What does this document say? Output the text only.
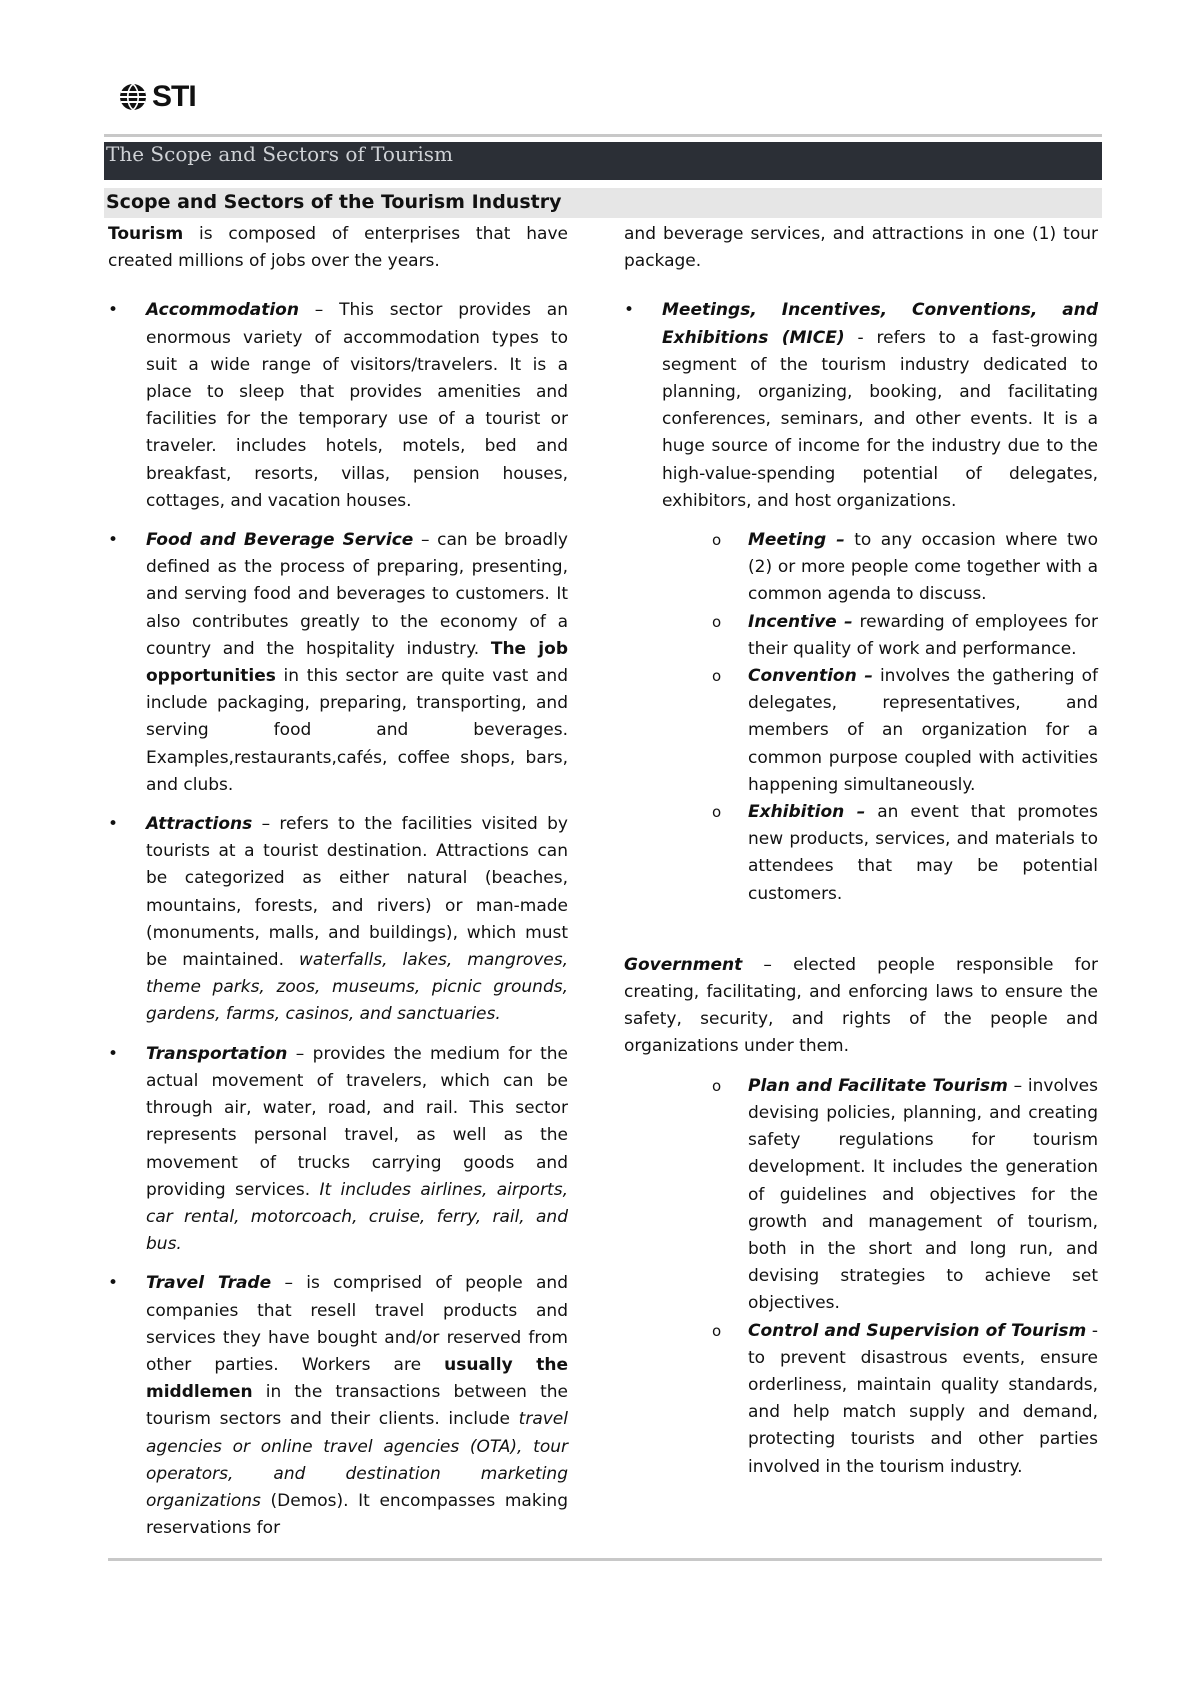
STI
The Scope and Sectors of Tourism
Scope and Sectors of the Tourism Industry

Tourism is composed of enterprises that have created millions of jobs over the years.

• Accommodation – This sector provides an enormous variety of accommodation types to suit a wide range of visitors/travelers. It is a place to sleep that provides amenities and facilities for the temporary use of a tourist or traveler. includes hotels, motels, bed and breakfast, resorts, villas, pension houses, cottages, and vacation houses.

• Food and Beverage Service – can be broadly defined as the process of preparing, presenting, and serving food and beverages to customers. It also contributes greatly to the economy of a country and the hospitality industry. The job opportunities in this sector are quite vast and include packaging, preparing, transporting, and serving food and beverages. Examples,restaurants,cafés, coffee shops, bars, and clubs.

• Attractions – refers to the facilities visited by tourists at a tourist destination. Attractions can be categorized as either natural (beaches, mountains, forests, and rivers) or man-made (monuments, malls, and buildings), which must be maintained. waterfalls, lakes, mangroves, theme parks, zoos, museums, picnic grounds, gardens, farms, casinos, and sanctuaries.

• Transportation – provides the medium for the actual movement of travelers, which can be through air, water, road, and rail. This sector represents personal travel, as well as the movement of trucks carrying goods and providing services. It includes airlines, airports, car rental, motorcoach, cruise, ferry, rail, and bus.

• Travel Trade – is comprised of people and companies that resell travel products and services they have bought and/or reserved from other parties. Workers are usually the middlemen in the transactions between the tourism sectors and their clients. include travel agencies or online travel agencies (OTA), tour operators, and destination marketing organizations (Demos). It encompasses making reservations for

and beverage services, and attractions in one (1) tour package.

• Meetings, Incentives, Conventions, and Exhibitions (MICE) - refers to a fast-growing segment of the tourism industry dedicated to planning, organizing, booking, and facilitating conferences, seminars, and other events. It is a huge source of income for the industry due to the high-value-spending potential of delegates, exhibitors, and host organizations.

o Meeting – to any occasion where two (2) or more people come together with a common agenda to discuss.

o Incentive – rewarding of employees for their quality of work and performance.

o Convention – involves the gathering of delegates, representatives, and members of an organization for a common purpose coupled with activities happening simultaneously.

o Exhibition – an event that promotes new products, services, and materials to attendees that may be potential customers.

Government – elected people responsible for creating, facilitating, and enforcing laws to ensure the safety, security, and rights of the people and organizations under them.

o Plan and Facilitate Tourism – involves devising policies, planning, and creating safety regulations for tourism development. It includes the generation of guidelines and objectives for the growth and management of tourism, both in the short and long run, and devising strategies to achieve set objectives.

o Control and Supervision of Tourism - to prevent disastrous events, ensure orderliness, maintain quality standards, and help match supply and demand, protecting tourists and other parties involved in the tourism industry.
